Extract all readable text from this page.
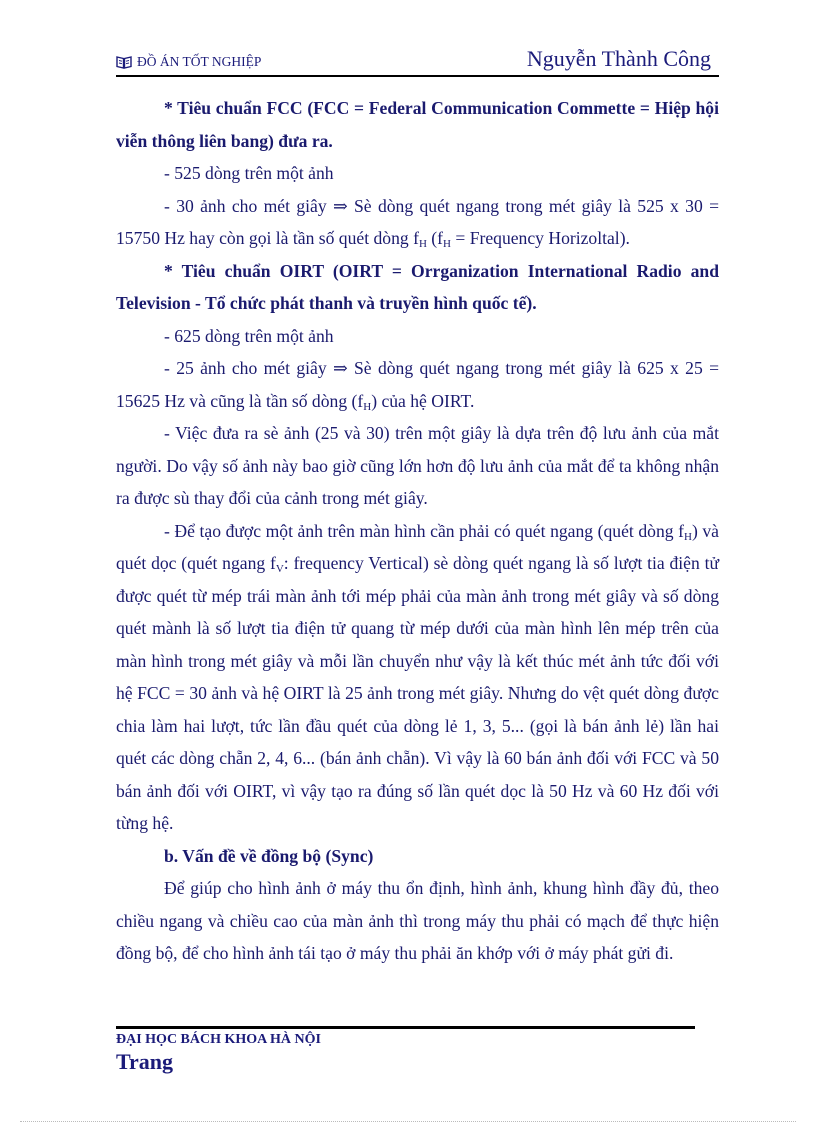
ĐỒ ÁN TỐT NGHIỆP	Nguyễn Thành Công

* Tiêu chuẩn FCC (FCC = Federal Communication Commette = Hiệp hội viễn thông liên bang) đưa ra.

- 525 dòng trên một ảnh

- 30 ảnh cho mét giây ⇒ Sè dòng quét ngang trong mét giây là 525 x 30 = 15750 Hz hay còn gọi là tần số quét dòng $f_H$ ($f_H$ = Frequency Horizoltal).

* Tiêu chuẩn OIRT (OIRT = Orrganization International Radio and Television - Tổ chức phát thanh và truyền hình quốc tế).

- 625 dòng trên một ảnh

- 25 ảnh cho mét giây ⇒ Sè dòng quét ngang trong mét giây là 625 x 25 = 15625 Hz và cũng là tần số dòng $(f_H)$ của hệ OIRT.

- Việc đưa ra sè ảnh (25 và 30) trên một giây là dựa trên độ lưu ảnh của mắt người. Do vậy số ảnh này bao giờ cũng lớn hơn độ lưu ảnh của mắt để ta không nhận ra được sù thay đổi của cảnh trong mét giây.

- Để tạo được một ảnh trên màn hình cần phải có quét ngang (quét dòng $f_H$) và quét dọc (quét ngang $f_V$: frequency Vertical) sè dòng quét ngang là số lượt tia điện tử được quét từ mép trái màn ảnh tới mép phải của màn ảnh trong mét giây và số dòng quét mành là số lượt tia điện tử quang từ mép dưới của màn hình lên mép trên của màn hình trong mét giây và mỗi lần chuyển như vậy là kết thúc mét ảnh tức đối với hệ FCC = 30 ảnh và hệ OIRT là 25 ảnh trong mét giây. Nhưng do vệt quét dòng được chia làm hai lượt, tức lần đầu quét của dòng lẻ 1, 3, 5... (gọi là bán ảnh lẻ) lần hai quét các dòng chẵn 2, 4, 6... (bán ảnh chẵn). Vì vậy là 60 bán ảnh đối với FCC và 50 bán ảnh đối với OIRT, vì vậy tạo ra đúng số lần quét dọc là 50 Hz và 60 Hz đối với từng hệ.

b. Vấn đề về đồng bộ (Sync)

Để giúp cho hình ảnh ở máy thu ổn định, hình ảnh, khung hình đầy đủ, theo chiều ngang và chiều cao của màn ảnh thì trong máy thu phải có mạch để thực hiện đồng bộ, để cho hình ảnh tái tạo ở máy thu phải ăn khớp với ở máy phát gửi đi.

ĐẠI HỌC BÁCH KHOA HÀ NỘI
Trang
